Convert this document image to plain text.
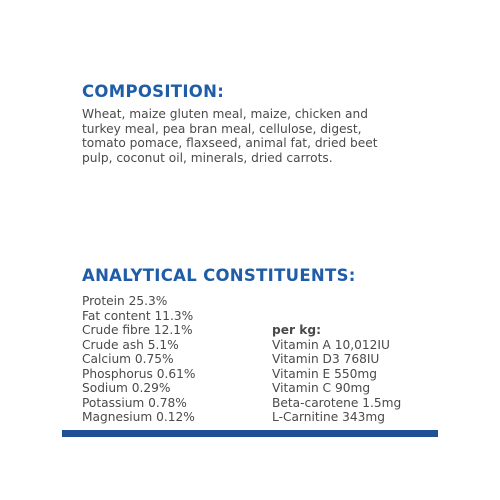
COMPOSITION:

Wheat, maize gluten meal, maize, chicken and
turkey meal, pea bran meal, cellulose, digest,
tomato pomace, flaxseed, animal fat, dried beet
pulp, coconut oil, minerals, dried carrots.

ANALYTICAL CONSTITUENTS:
Protein 25.3%
Fat content 11.3%
Crude fibre 12.1%
Crude ash 5.1%
Calcium 0.75%
Phosphorus 0.61%
Sodium 0.29%
Potassium 0.78%
Magnesium 0.12%
per kg:
Vitamin A 10,012IU
Vitamin D3 768IU
Vitamin E 550mg
Vitamin C 90mg
Beta-carotene 1.5mg
L-Carnitine 343mg
